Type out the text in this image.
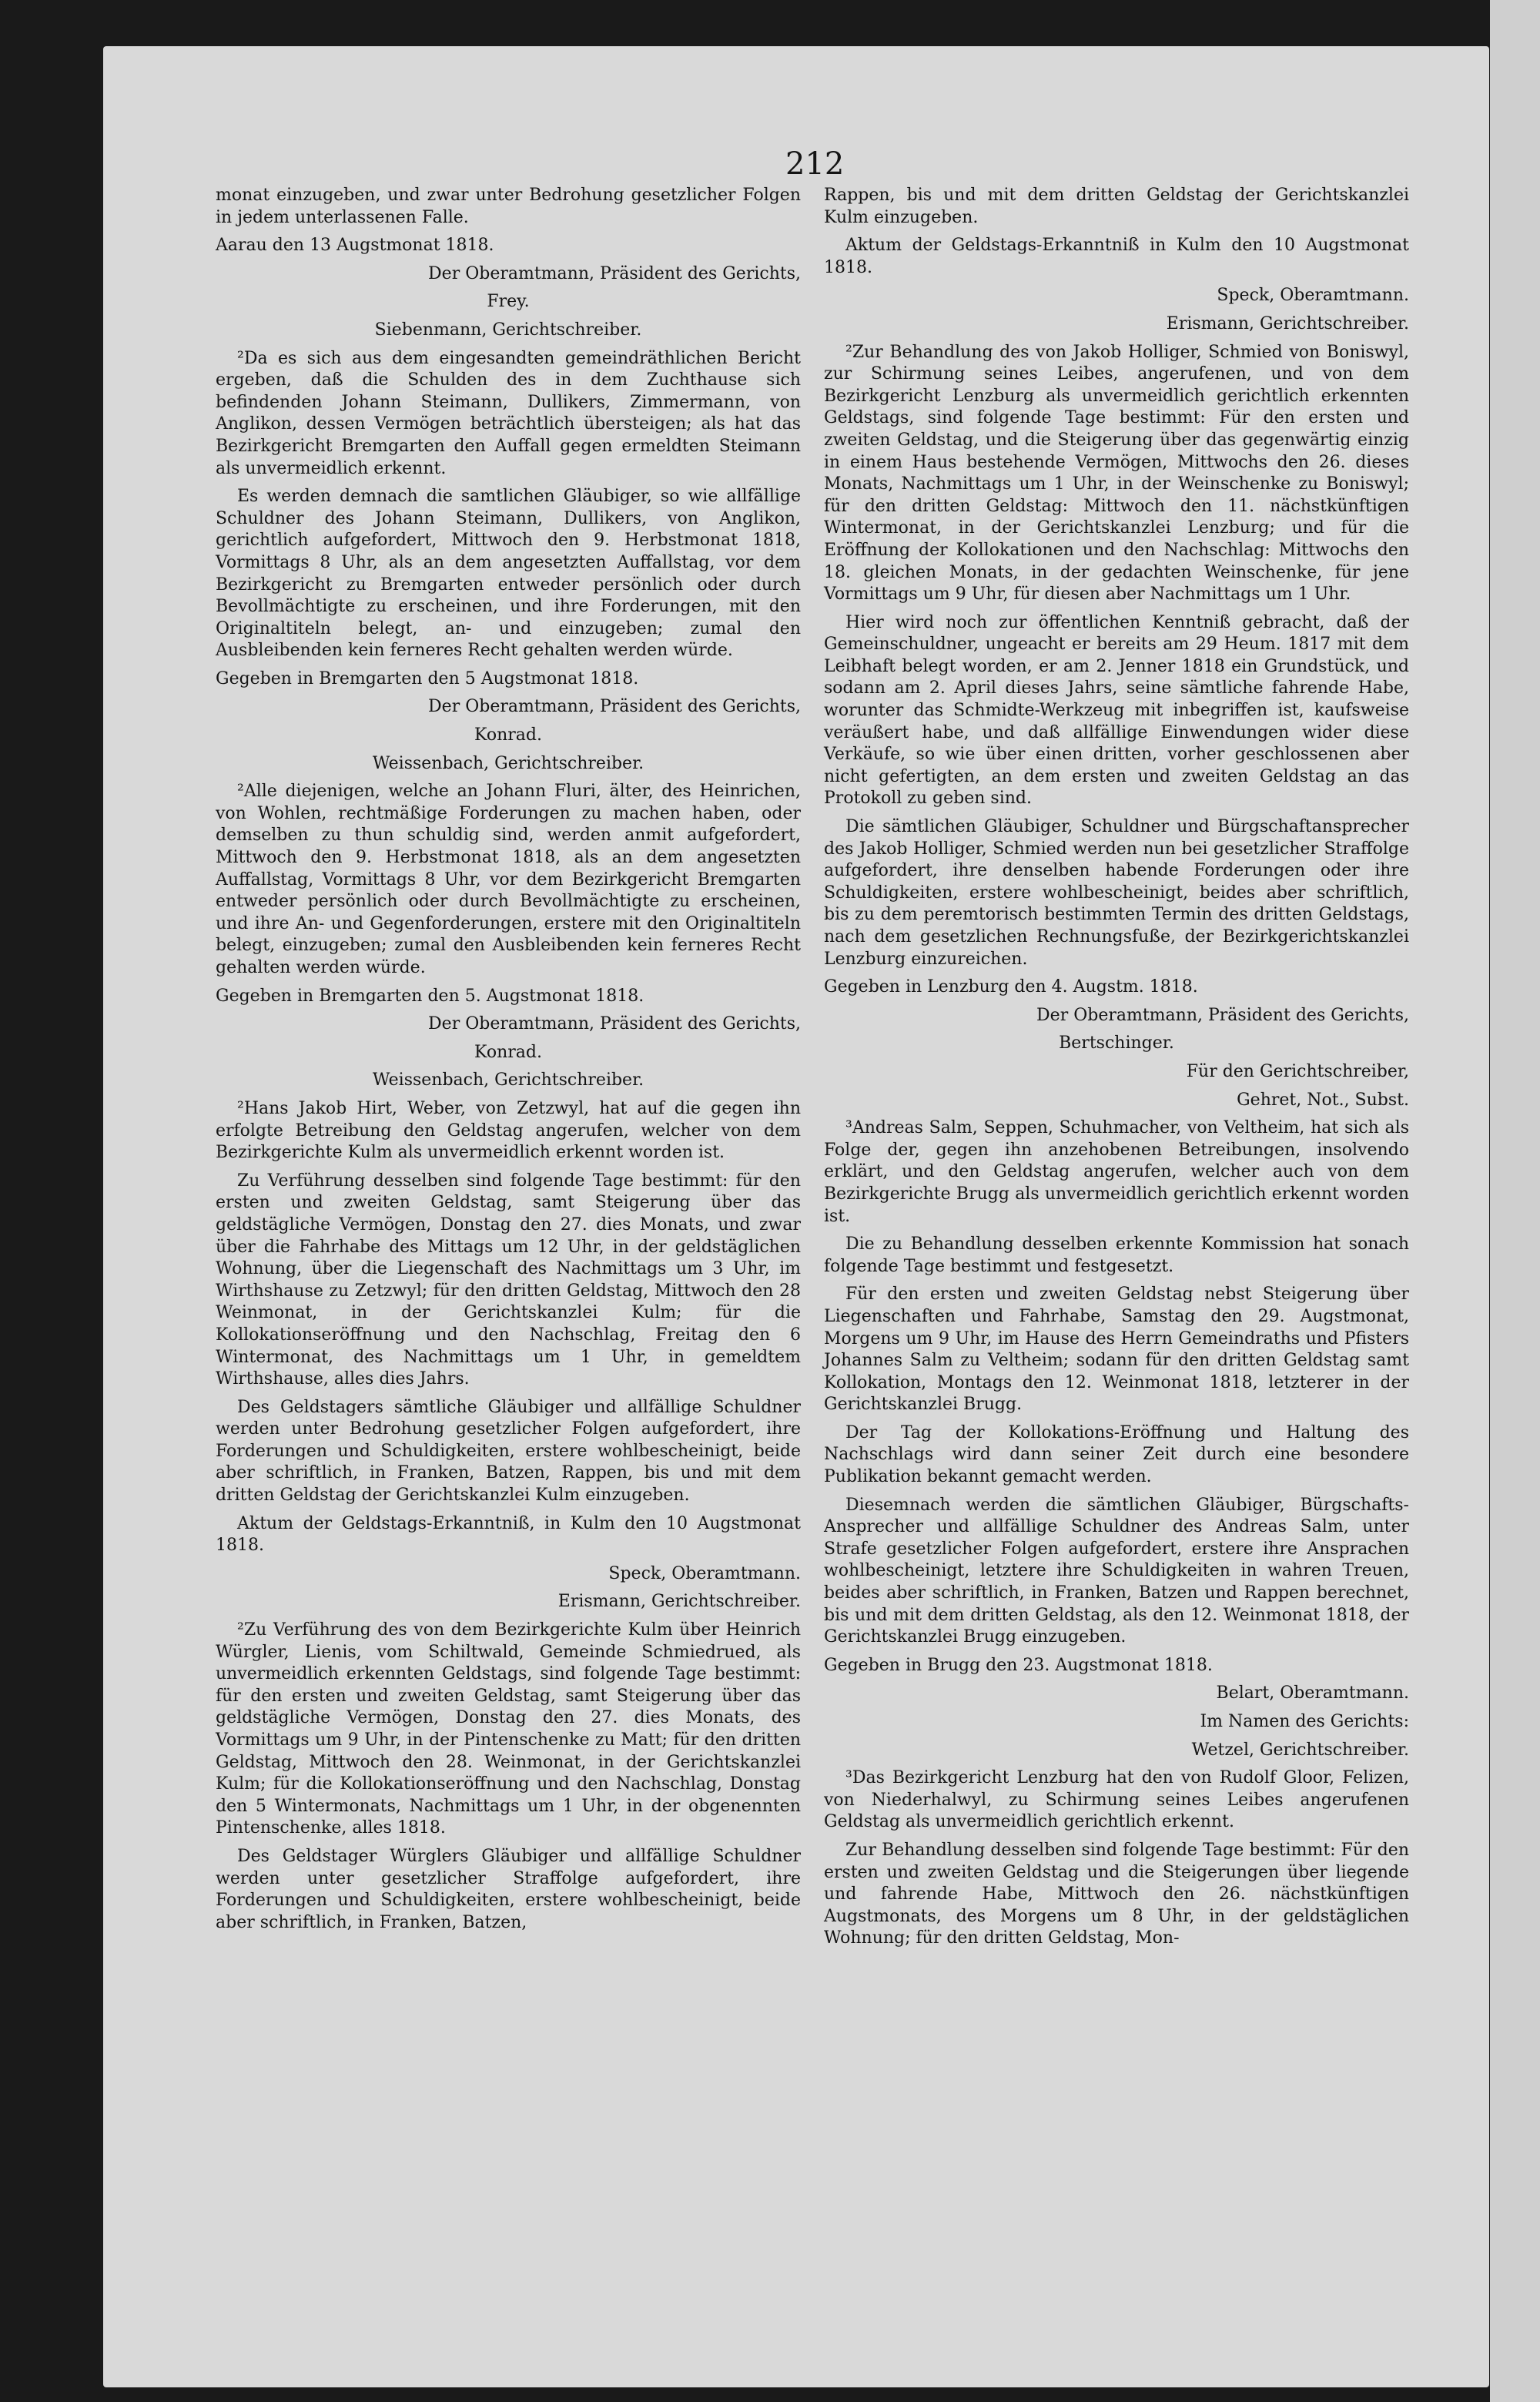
212

monat einzugeben, und zwar unter Bedrohung gesetzlicher Folgen in jedem unterlassenen Falle.

Aarau den 13 Augstmonat 1818.

Der Oberamtmann, Präsident des Gerichts,

Frey.

Siebenmann, Gerichtschreiber.

²Da es sich aus dem eingesandten gemeindräthlichen Bericht ergeben, daß die Schulden des in dem Zuchthause sich befindenden Johann Steimann, Dullikers, Zimmermann, von Anglikon, dessen Vermögen beträchtlich übersteigen; als hat das Bezirkgericht Bremgarten den Auffall gegen ermeldten Steimann als unvermeidlich erkennt.

Es werden demnach die samtlichen Gläubiger, so wie allfällige Schuldner des Johann Steimann, Dullikers, von Anglikon, gerichtlich aufgefordert, Mittwoch den 9. Herbstmonat 1818, Vormittags 8 Uhr, als an dem angesetzten Auffallstag, vor dem Bezirkgericht zu Bremgarten entweder persönlich oder durch Bevollmächtigte zu erscheinen, und ihre Forderungen, mit den Originaltiteln belegt, an- und einzugeben; zumal den Ausbleibenden kein ferneres Recht gehalten werden würde.

Gegeben in Bremgarten den 5 Augstmonat 1818.

Der Oberamtmann, Präsident des Gerichts,

Konrad.

Weissenbach, Gerichtschreiber.

²Alle diejenigen, welche an Johann Fluri, älter, des Heinrichen, von Wohlen, rechtmäßige Forderungen zu machen haben, oder demselben zu thun schuldig sind, werden anmit aufgefordert, Mittwoch den 9. Herbstmonat 1818, als an dem angesetzten Auffallstag, Vormittags 8 Uhr, vor dem Bezirkgericht Bremgarten entweder persönlich oder durch Bevollmächtigte zu erscheinen, und ihre An- und Gegenforderungen, erstere mit den Originaltiteln belegt, einzugeben; zumal den Ausbleibenden kein ferneres Recht gehalten werden würde.

Gegeben in Bremgarten den 5. Augstmonat 1818.

Der Oberamtmann, Präsident des Gerichts,

Konrad.

Weissenbach, Gerichtschreiber.

²Hans Jakob Hirt, Weber, von Zetzwyl, hat auf die gegen ihn erfolgte Betreibung den Geldstag angerufen, welcher von dem Bezirkgerichte Kulm als unvermeidlich erkennt worden ist.

Zu Verführung desselben sind folgende Tage bestimmt: für den ersten und zweiten Geldstag, samt Steigerung über das geldstägliche Vermögen, Donstag den 27. dies Monats, und zwar über die Fahrhabe des Mittags um 12 Uhr, in der geldstäglichen Wohnung, über die Liegenschaft des Nachmittags um 3 Uhr, im Wirthshause zu Zetzwyl; für den dritten Geldstag, Mittwoch den 28 Weinmonat, in der Gerichtskanzlei Kulm; für die Kollokationseröffnung und den Nachschlag, Freitag den 6 Wintermonat, des Nachmittags um 1 Uhr, in gemeldtem Wirthshause, alles dies Jahrs.

Des Geldstagers sämtliche Gläubiger und allfällige Schuldner werden unter Bedrohung gesetzlicher Folgen aufgefordert, ihre Forderungen und Schuldigkeiten, erstere wohlbescheinigt, beide aber schriftlich, in Franken, Batzen, Rappen, bis und mit dem dritten Geldstag der Gerichtskanzlei Kulm einzugeben.

Aktum der Geldstags-Erkanntniß, in Kulm den 10 Augstmonat 1818.

Speck, Oberamtmann.

Erismann, Gerichtschreiber.

²Zu Verführung des von dem Bezirkgerichte Kulm über Heinrich Würgler, Lienis, vom Schiltwald, Gemeinde Schmiedrued, als unvermeidlich erkennten Geldstags, sind folgende Tage bestimmt: für den ersten und zweiten Geldstag, samt Steigerung über das geldstägliche Vermögen, Donstag den 27. dies Monats, des Vormittags um 9 Uhr, in der Pintenschenke zu Matt; für den dritten Geldstag, Mittwoch den 28. Weinmonat, in der Gerichtskanzlei Kulm; für die Kollokationseröffnung und den Nachschlag, Donstag den 5 Wintermonats, Nachmittags um 1 Uhr, in der obgenennten Pintenschenke, alles 1818.

Des Geldstager Würglers Gläubiger und allfällige Schuldner werden unter gesetzlicher Straffolge aufgefordert, ihre Forderungen und Schuldigkeiten, erstere wohlbescheinigt, beide aber schriftlich, in Franken, Batzen,

Rappen, bis und mit dem dritten Geldstag der Gerichtskanzlei Kulm einzugeben.

Aktum der Geldstags-Erkanntniß in Kulm den 10 Augstmonat 1818.

Speck, Oberamtmann.

Erismann, Gerichtschreiber.

²Zur Behandlung des von Jakob Holliger, Schmied von Boniswyl, zur Schirmung seines Leibes, angerufenen, und von dem Bezirkgericht Lenzburg als unvermeidlich gerichtlich erkennten Geldstags, sind folgende Tage bestimmt: Für den ersten und zweiten Geldstag, und die Steigerung über das gegenwärtig einzig in einem Haus bestehende Vermögen, Mittwochs den 26. dieses Monats, Nachmittags um 1 Uhr, in der Weinschenke zu Boniswyl; für den dritten Geldstag: Mittwoch den 11. nächstkünftigen Wintermonat, in der Gerichtskanzlei Lenzburg; und für die Eröffnung der Kollokationen und den Nachschlag: Mittwochs den 18. gleichen Monats, in der gedachten Weinschenke, für jene Vormittags um 9 Uhr, für diesen aber Nachmittags um 1 Uhr.

Hier wird noch zur öffentlichen Kenntniß gebracht, daß der Gemeinschuldner, ungeacht er bereits am 29 Heum. 1817 mit dem Leibhaft belegt worden, er am 2. Jenner 1818 ein Grundstück, und sodann am 2. April dieses Jahrs, seine sämtliche fahrende Habe, worunter das Schmidte-Werkzeug mit inbegriffen ist, kaufsweise veräußert habe, und daß allfällige Einwendungen wider diese Verkäufe, so wie über einen dritten, vorher geschlossenen aber nicht gefertigten, an dem ersten und zweiten Geldstag an das Protokoll zu geben sind.

Die sämtlichen Gläubiger, Schuldner und Bürgschaftansprecher des Jakob Holliger, Schmied werden nun bei gesetzlicher Straffolge aufgefordert, ihre denselben habende Forderungen oder ihre Schuldigkeiten, erstere wohlbescheinigt, beides aber schriftlich, bis zu dem peremtorisch bestimmten Termin des dritten Geldstags, nach dem gesetzlichen Rechnungsfuße, der Bezirkgerichtskanzlei Lenzburg einzureichen.

Gegeben in Lenzburg den 4. Augstm. 1818.

Der Oberamtmann, Präsident des Gerichts,

Bertschinger.

Für den Gerichtschreiber,

Gehret, Not., Subst.

³Andreas Salm, Seppen, Schuhmacher, von Veltheim, hat sich als Folge der, gegen ihn anzehobenen Betreibungen, insolvendo erklärt, und den Geldstag angerufen, welcher auch von dem Bezirkgerichte Brugg als unvermeidlich gerichtlich erkennt worden ist.

Die zu Behandlung desselben erkennte Kommission hat sonach folgende Tage bestimmt und festgesetzt.

Für den ersten und zweiten Geldstag nebst Steigerung über Liegenschaften und Fahrhabe, Samstag den 29. Augstmonat, Morgens um 9 Uhr, im Hause des Herrn Gemeindraths und Pfisters Johannes Salm zu Veltheim; sodann für den dritten Geldstag samt Kollokation, Montags den 12. Weinmonat 1818, letzterer in der Gerichtskanzlei Brugg.

Der Tag der Kollokations-Eröffnung und Haltung des Nachschlags wird dann seiner Zeit durch eine besondere Publikation bekannt gemacht werden.

Diesemnach werden die sämtlichen Gläubiger, Bürgschafts-Ansprecher und allfällige Schuldner des Andreas Salm, unter Strafe gesetzlicher Folgen aufgefordert, erstere ihre Ansprachen wohlbescheinigt, letztere ihre Schuldigkeiten in wahren Treuen, beides aber schriftlich, in Franken, Batzen und Rappen berechnet, bis und mit dem dritten Geldstag, als den 12. Weinmonat 1818, der Gerichtskanzlei Brugg einzugeben.

Gegeben in Brugg den 23. Augstmonat 1818.

Belart, Oberamtmann.

Im Namen des Gerichts:

Wetzel, Gerichtschreiber.

³Das Bezirkgericht Lenzburg hat den von Rudolf Gloor, Felizen, von Niederhalwyl, zu Schirmung seines Leibes angerufenen Geldstag als unvermeidlich gerichtlich erkennt.

Zur Behandlung desselben sind folgende Tage bestimmt: Für den ersten und zweiten Geldstag und die Steigerungen über liegende und fahrende Habe, Mittwoch den 26. nächstkünftigen Augstmonats, des Morgens um 8 Uhr, in der geldstäglichen Wohnung; für den dritten Geldstag, Mon-
